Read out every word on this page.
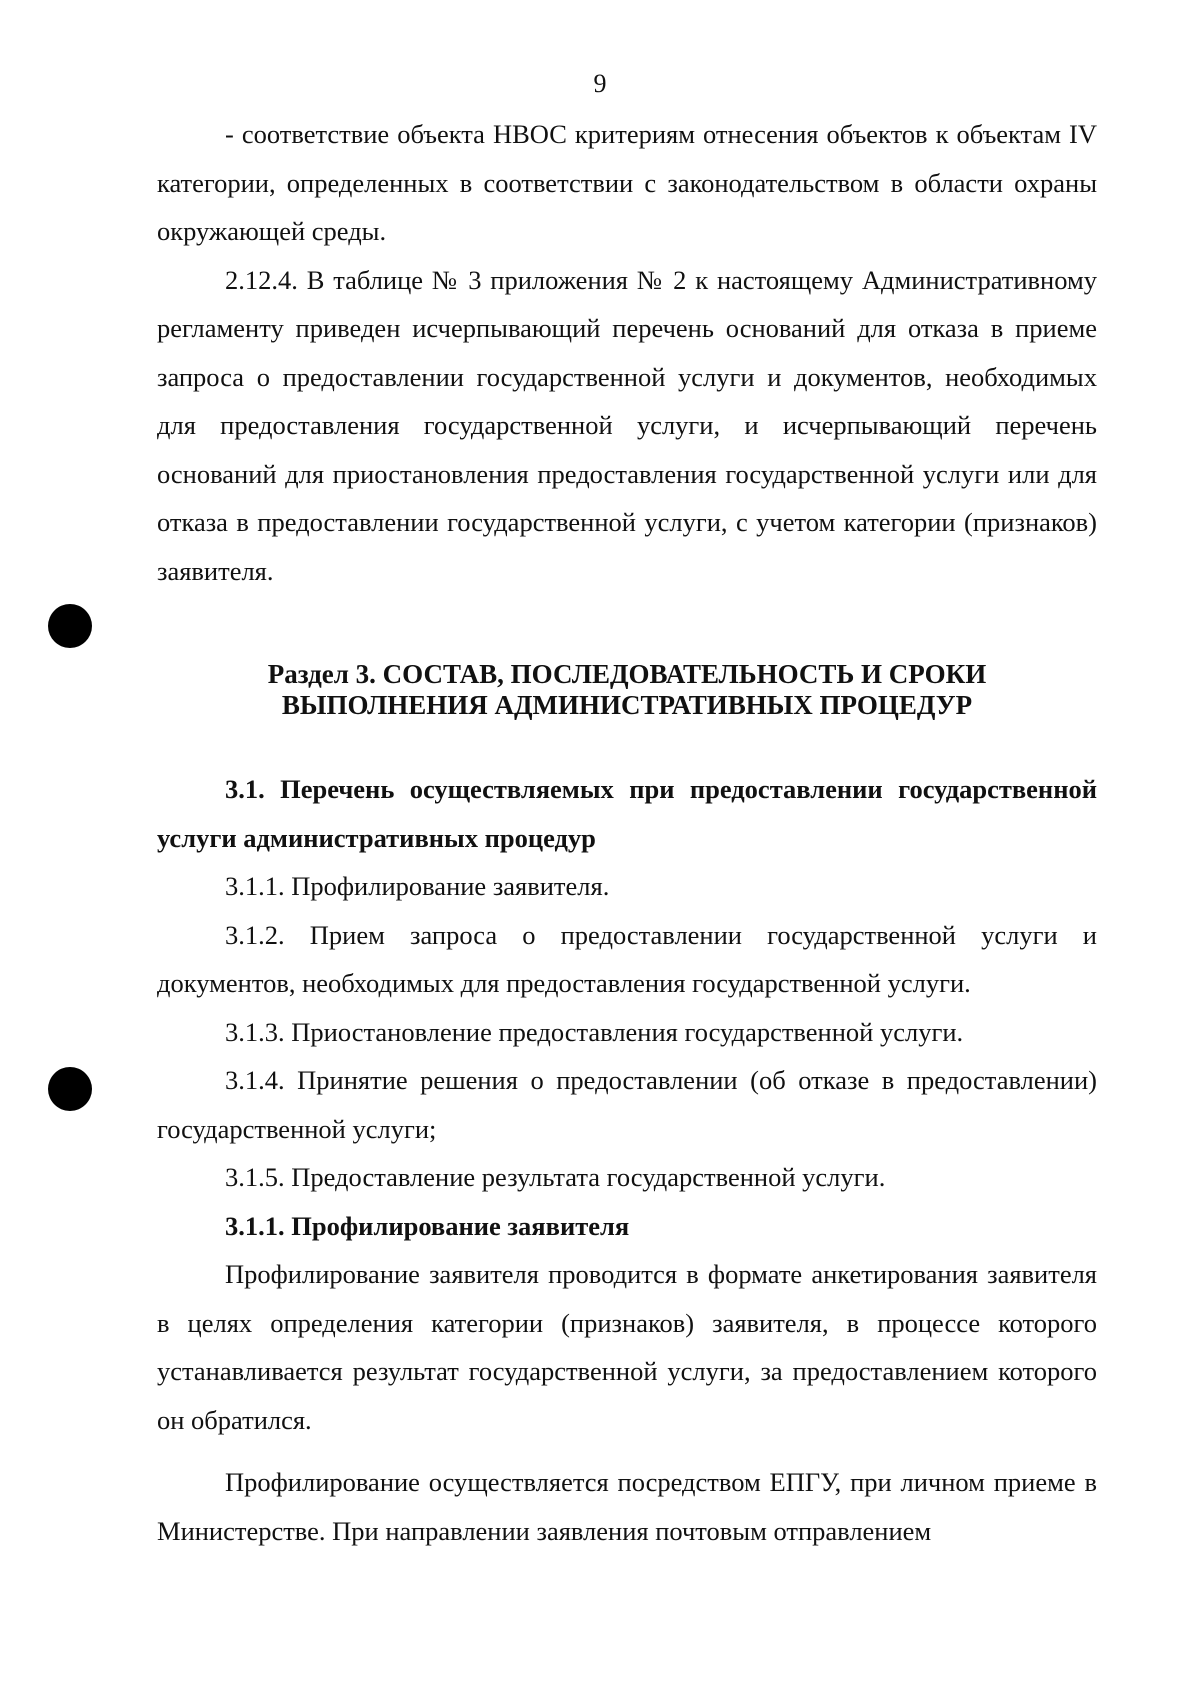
9

- соответствие объекта НВОС критериям отнесения объектов к объектам IV категории, определенных в соответствии с законодательством в области охраны окружающей среды.

2.12.4. В таблице № 3 приложения № 2 к настоящему Административному регламенту приведен исчерпывающий перечень оснований для отказа в приеме запроса о предоставлении государственной услуги и документов, необходимых для предоставления государственной услуги, и исчерпывающий перечень оснований для приостановления предоставления государственной услуги или для отказа в предоставлении государственной услуги, с учетом категории (признаков) заявителя.

Раздел 3. СОСТАВ, ПОСЛЕДОВАТЕЛЬНОСТЬ И СРОКИ
ВЫПОЛНЕНИЯ АДМИНИСТРАТИВНЫХ ПРОЦЕДУР

3.1. Перечень осуществляемых при предоставлении государственной услуги административных процедур

3.1.1. Профилирование заявителя.

3.1.2. Прием запроса о предоставлении государственной услуги и документов, необходимых для предоставления государственной услуги.

3.1.3. Приостановление предоставления государственной услуги.

3.1.4. Принятие решения о предоставлении (об отказе в предоставлении) государственной услуги;

3.1.5. Предоставление результата государственной услуги.

3.1.1. Профилирование заявителя

Профилирование заявителя проводится в формате анкетирования заявителя в целях определения категории (признаков) заявителя, в процессе которого устанавливается результат государственной услуги, за предоставлением которого он обратился.

Профилирование осуществляется посредством ЕПГУ, при личном приеме в Министерстве. При направлении заявления почтовым отправлением
